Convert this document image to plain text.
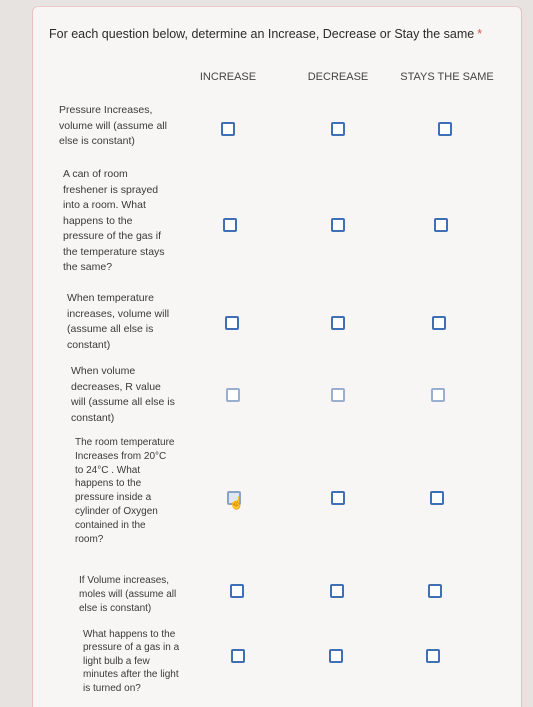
For each question below, determine an Increase, Decrease or Stay the same *
INCREASE	DECREASE	STAYS THE SAME
Pressure Increases, volume will (assume all else is constant)
A can of room freshener is sprayed into a room. What happens to the pressure of the gas if the temperature stays the same?
When temperature increases, volume will (assume all else is constant)
When volume decreases, R value will (assume all else is constant)
The room temperature Increases from 20°C to 24°C . What happens to the pressure inside a cylinder of Oxygen contained in the room?
☝
If Volume increases, moles will (assume all else is constant)
What happens to the pressure of a gas in a light bulb a few minutes after the light is turned on?
